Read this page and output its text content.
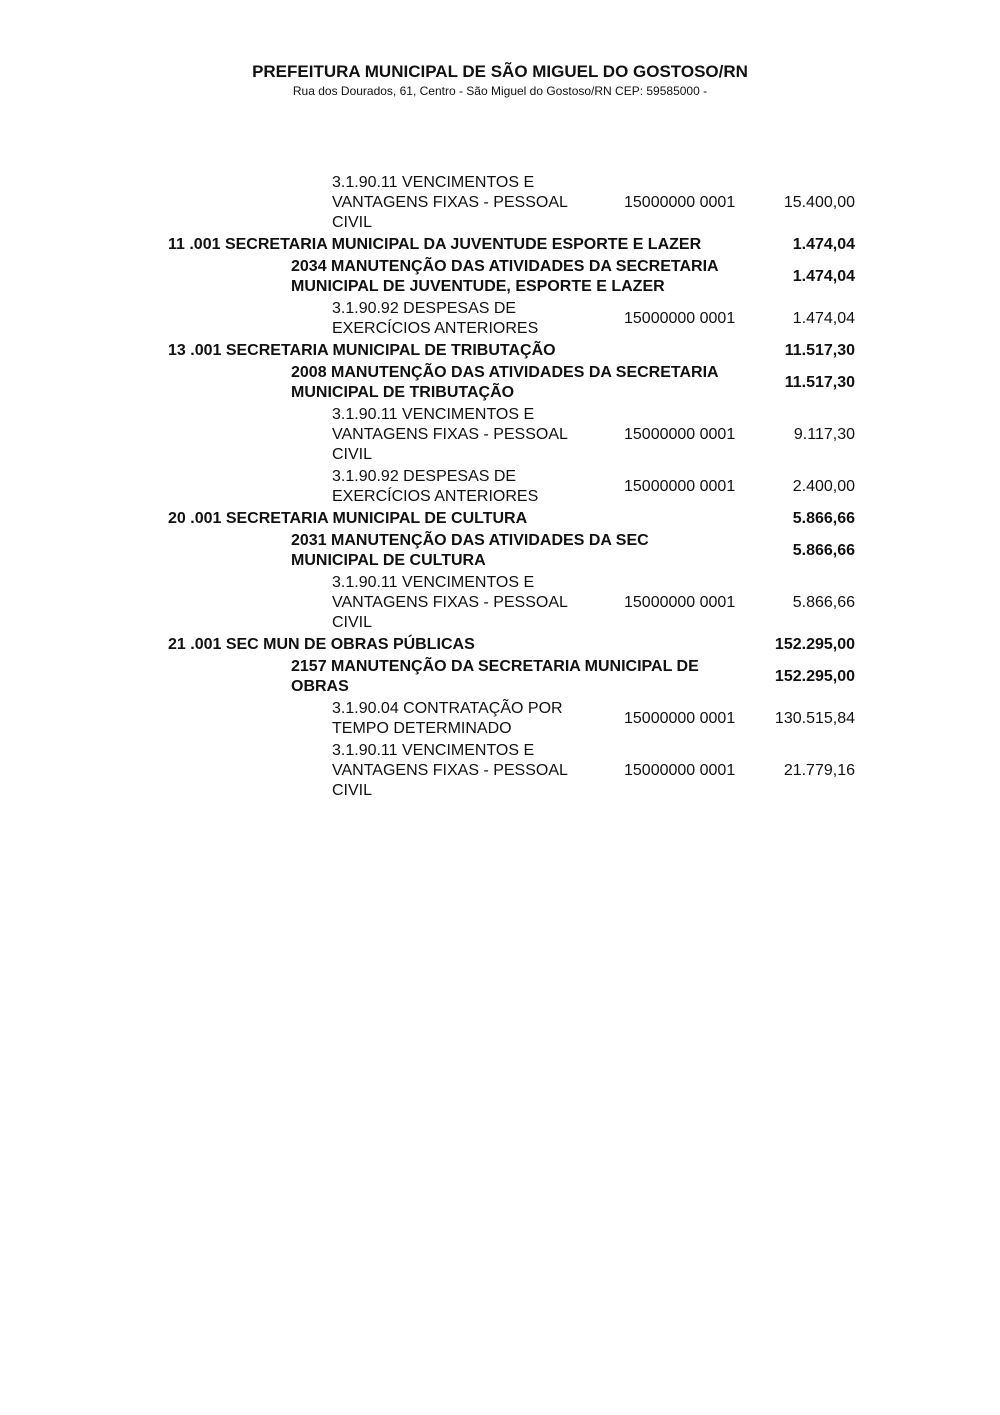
PREFEITURA MUNICIPAL DE SÃO MIGUEL DO GOSTOSO/RN
Rua dos Dourados, 61, Centro - São Miguel do Gostoso/RN CEP: 59585000 -
3.1.90.11 VENCIMENTOS E
VANTAGENS FIXAS - PESSOAL
CIVIL
15000000 0001	15.400,00
11 .001 SECRETARIA MUNICIPAL DA JUVENTUDE ESPORTE E LAZER	1.474,04
2034 MANUTENÇÃO DAS ATIVIDADES DA SECRETARIA
MUNICIPAL DE JUVENTUDE, ESPORTE E LAZER
1.474,04
3.1.90.92 DESPESAS DE
EXERCÍCIOS ANTERIORES
15000000 0001	1.474,04
13 .001 SECRETARIA MUNICIPAL DE TRIBUTAÇÃO	11.517,30
2008 MANUTENÇÃO DAS ATIVIDADES DA SECRETARIA
MUNICIPAL DE TRIBUTAÇÃO
11.517,30
3.1.90.11 VENCIMENTOS E
VANTAGENS FIXAS - PESSOAL
CIVIL
15000000 0001	9.117,30
3.1.90.92 DESPESAS DE
EXERCÍCIOS ANTERIORES
15000000 0001	2.400,00
20 .001 SECRETARIA MUNICIPAL DE CULTURA	5.866,66
2031 MANUTENÇÃO DAS ATIVIDADES DA SEC
MUNICIPAL DE CULTURA
5.866,66
3.1.90.11 VENCIMENTOS E
VANTAGENS FIXAS - PESSOAL
CIVIL
15000000 0001	5.866,66
21 .001 SEC MUN DE OBRAS PÚBLICAS	152.295,00
2157 MANUTENÇÃO DA SECRETARIA MUNICIPAL DE
OBRAS
152.295,00
3.1.90.04 CONTRATAÇÃO POR
TEMPO DETERMINADO
15000000 0001	130.515,84
3.1.90.11 VENCIMENTOS E
VANTAGENS FIXAS - PESSOAL
CIVIL
15000000 0001	21.779,16
